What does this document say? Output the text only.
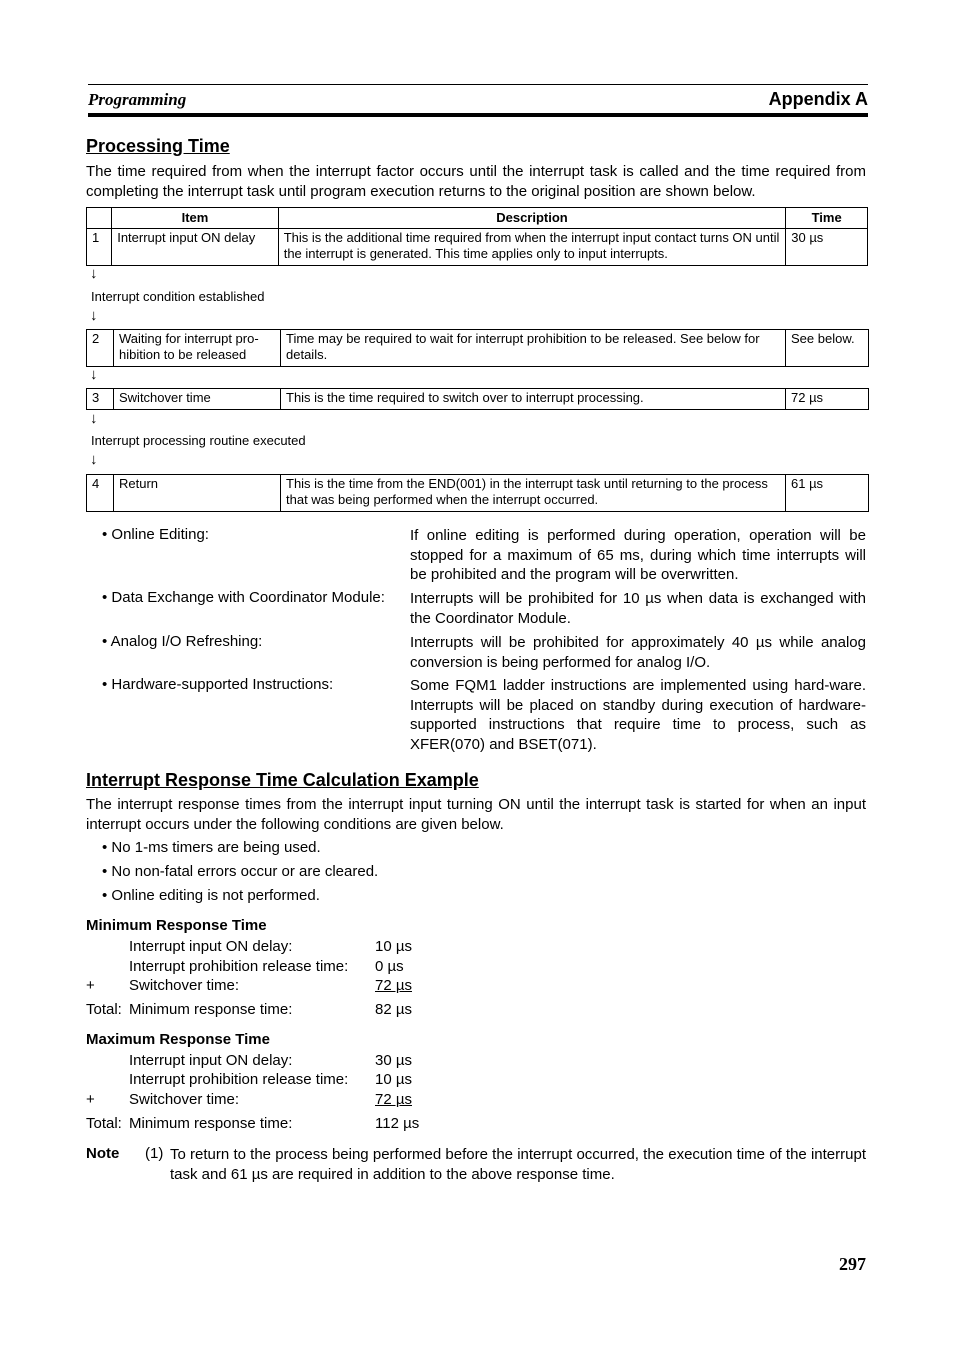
Programming	Appendix A
Processing Time
The time required from when the interrupt factor occurs until the interrupt task is called and the time required from completing the interrupt task until program execution returns to the original position are shown below.
	Item	Description	Time
1	Interrupt input ON delay	This is the additional time required from when the interrupt input contact turns ON until the interrupt is generated. This time applies only to input interrupts.	30 µs
↓
Interrupt condition established
↓
2	Waiting for interrupt pro-hibition to be released	Time may be required to wait for interrupt prohibition to be released. See below for details.	See below.
↓
3	Switchover time	This is the time required to switch over to interrupt processing.	72 µs
↓
Interrupt processing routine executed
↓
4	Return	This is the time from the END(001) in the interrupt task until returning to the process that was being performed when the interrupt occurred.	61 µs
• Online Editing:	If online editing is performed during operation, operation will be stopped for a maximum of 65 ms, during which time interrupts will be prohibited and the program will be overwritten.
• Data Exchange with Coordinator Module: Interrupts will be prohibited for 10 µs when data is exchanged with the Coordinator Module.
• Analog I/O Refreshing:	Interrupts will be prohibited for approximately 40 µs while analog conversion is being performed for analog I/O.
• Hardware-supported Instructions:	Some FQM1 ladder instructions are implemented using hard-ware. Interrupts will be placed on standby during execution of hardware-supported instructions that require time to process, such as XFER(070) and BSET(071).
Interrupt Response Time Calculation Example
The interrupt response times from the interrupt input turning ON until the interrupt task is started for when an input interrupt occurs under the following conditions are given below.
• No 1-ms timers are being used.
• No non-fatal errors occur or are cleared.
• Online editing is not performed.
Minimum Response Time
Interrupt input ON delay:	10 µs
Interrupt prohibition release time: 0 µs
+ Switchover time:	72 µs
Total: Minimum response time:	82 µs
Maximum Response Time
Interrupt input ON delay:	30 µs
Interrupt prohibition release time: 10 µs
+ Switchover time:	72 µs
Total: Minimum response time:	112 µs
Note (1) To return to the process being performed before the interrupt occurred, the execution time of the interrupt task and 61 µs are required in addition to the above response time.
297
